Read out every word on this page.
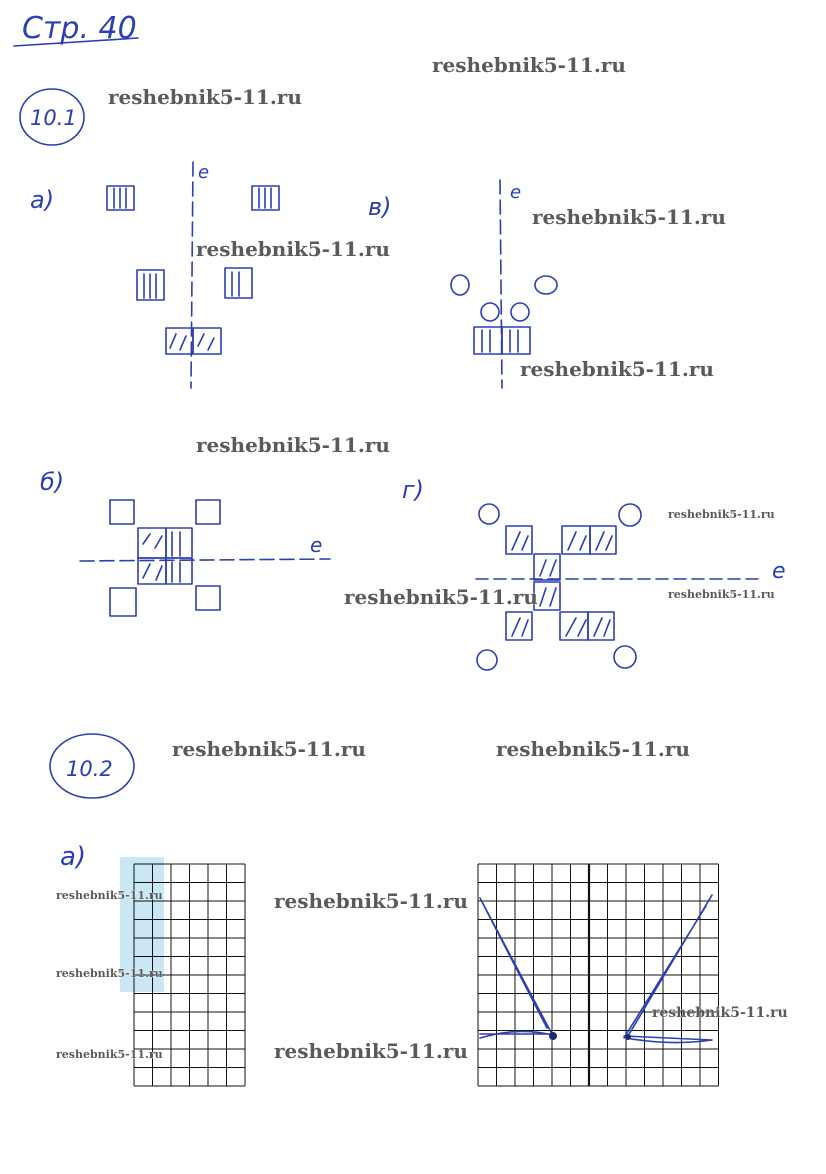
Стр. 40
10.1
а)
e
в)
e
б)
e
г)
e
10.2
а)
reshebnik5-11.ru
reshebnik5-11.ru
reshebnik5-11.ru
reshebnik5-11.ru
reshebnik5-11.ru
reshebnik5-11.ru
reshebnik5-11.ru
reshebnik5-11.ru
reshebnik5-11.ru
reshebnik5-11.ru	reshebnik5-11.ru
reshebnik5-11.ru	reshebnik5-11.ru
reshebnik5-11.ru
reshebnik5-11.ru
reshebnik5-11.ru	reshebnik5-11.ru
